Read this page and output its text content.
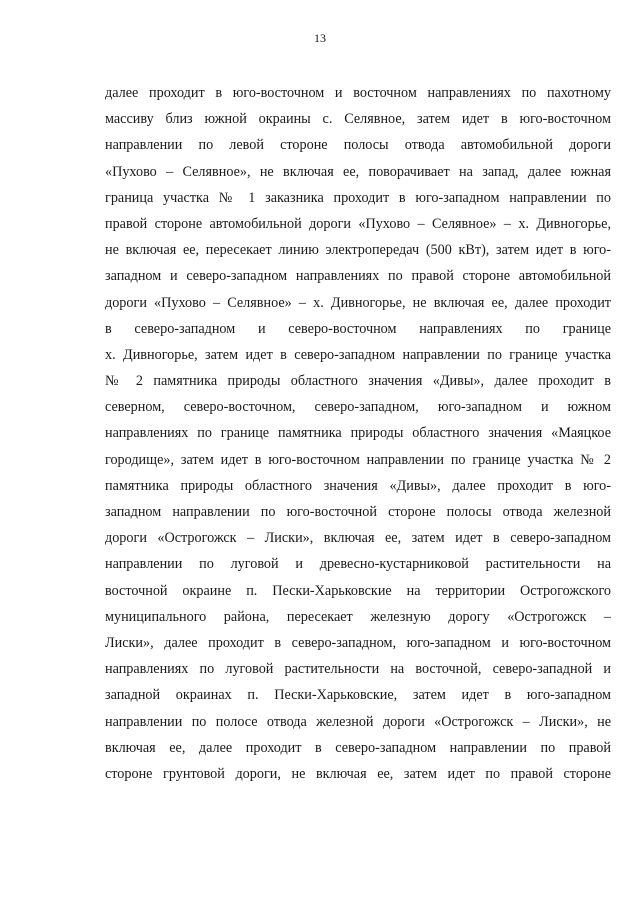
13
далее проходит в юго-восточном и восточном направлениях по пахотному
массиву близ южной окраины с. Селявное, затем идет в юго-восточном
направлении по левой стороне полосы отвода автомобильной дороги
«Пухово – Селявное», не включая ее, поворачивает на запад, далее южная
граница участка № 1 заказника проходит в юго-западном направлении по
правой стороне автомобильной дороги «Пухово – Селявное» – х. Дивногорье,
не включая ее, пересекает линию электропередач (500 кВт), затем идет в юго-
западном и северо-западном направлениях по правой стороне автомобильной
дороги «Пухово – Селявное» – х. Дивногорье, не включая ее, далее проходит
в северо-западном и северо-восточном направлениях по границе
х. Дивногорье, затем идет в северо-западном направлении по границе участка
№ 2 памятника природы областного значения «Дивы», далее проходит в
северном, северо-восточном, северо-западном, юго-западном и южном
направлениях по границе памятника природы областного значения «Маяцкое
городище», затем идет в юго-восточном направлении по границе участка № 2
памятника природы областного значения «Дивы», далее проходит в юго-
западном направлении по юго-восточной стороне полосы отвода железной
дороги «Острогожск – Лиски», включая ее, затем идет в северо-западном
направлении по луговой и древесно-кустарниковой растительности на
восточной окраине п. Пески-Харьковские на территории Острогожского
муниципального района, пересекает железную дорогу «Острогожск –
Лиски», далее проходит в северо-западном, юго-западном и юго-восточном
направлениях по луговой растительности на восточной, северо-западной и
западной окраинах п. Пески-Харьковские, затем идет в юго-западном
направлении по полосе отвода железной дороги «Острогожск – Лиски», не
включая ее, далее проходит в северо-западном направлении по правой
стороне грунтовой дороги, не включая ее, затем идет по правой стороне
